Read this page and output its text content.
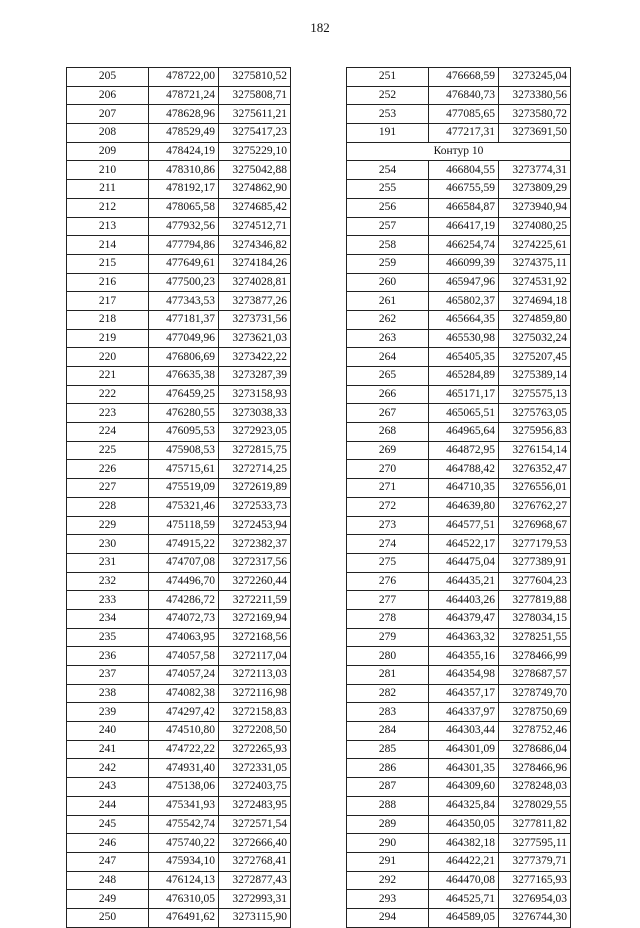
182
205	478722,00	3275810,52
206	478721,24	3275808,71
207	478628,96	3275611,21
208	478529,49	3275417,23
209	478424,19	3275229,10
210	478310,86	3275042,88
211	478192,17	3274862,90
212	478065,58	3274685,42
213	477932,56	3274512,71
214	477794,86	3274346,82
215	477649,61	3274184,26
216	477500,23	3274028,81
217	477343,53	3273877,26
218	477181,37	3273731,56
219	477049,96	3273621,03
220	476806,69	3273422,22
221	476635,38	3273287,39
222	476459,25	3273158,93
223	476280,55	3273038,33
224	476095,53	3272923,05
225	475908,53	3272815,75
226	475715,61	3272714,25
227	475519,09	3272619,89
228	475321,46	3272533,73
229	475118,59	3272453,94
230	474915,22	3272382,37
231	474707,08	3272317,56
232	474496,70	3272260,44
233	474286,72	3272211,59
234	474072,73	3272169,94
235	474063,95	3272168,56
236	474057,58	3272117,04
237	474057,24	3272113,03
238	474082,38	3272116,98
239	474297,42	3272158,83
240	474510,80	3272208,50
241	474722,22	3272265,93
242	474931,40	3272331,05
243	475138,06	3272403,75
244	475341,93	3272483,95
245	475542,74	3272571,54
246	475740,22	3272666,40
247	475934,10	3272768,41
248	476124,13	3272877,43
249	476310,05	3272993,31
250	476491,62	3273115,90
251	476668,59	3273245,04
252	476840,73	3273380,56
253	477085,65	3273580,72
191	477217,31	3273691,50
Контур 10		
254	466804,55	3273774,31
255	466755,59	3273809,29
256	466584,87	3273940,94
257	466417,19	3274080,25
258	466254,74	3274225,61
259	466099,39	3274375,11
260	465947,96	3274531,92
261	465802,37	3274694,18
262	465664,35	3274859,80
263	465530,98	3275032,24
264	465405,35	3275207,45
265	465284,89	3275389,14
266	465171,17	3275575,13
267	465065,51	3275763,05
268	464965,64	3275956,83
269	464872,95	3276154,14
270	464788,42	3276352,47
271	464710,35	3276556,01
272	464639,80	3276762,27
273	464577,51	3276968,67
274	464522,17	3277179,53
275	464475,04	3277389,91
276	464435,21	3277604,23
277	464403,26	3277819,88
278	464379,47	3278034,15
279	464363,32	3278251,55
280	464355,16	3278466,99
281	464354,98	3278687,57
282	464357,17	3278749,70
283	464337,97	3278750,69
284	464303,44	3278752,46
285	464301,09	3278686,04
286	464301,35	3278466,96
287	464309,60	3278248,03
288	464325,84	3278029,55
289	464350,05	3277811,82
290	464382,18	3277595,11
291	464422,21	3277379,71
292	464470,08	3277165,93
293	464525,71	3276954,03
294	464589,05	3276744,30
